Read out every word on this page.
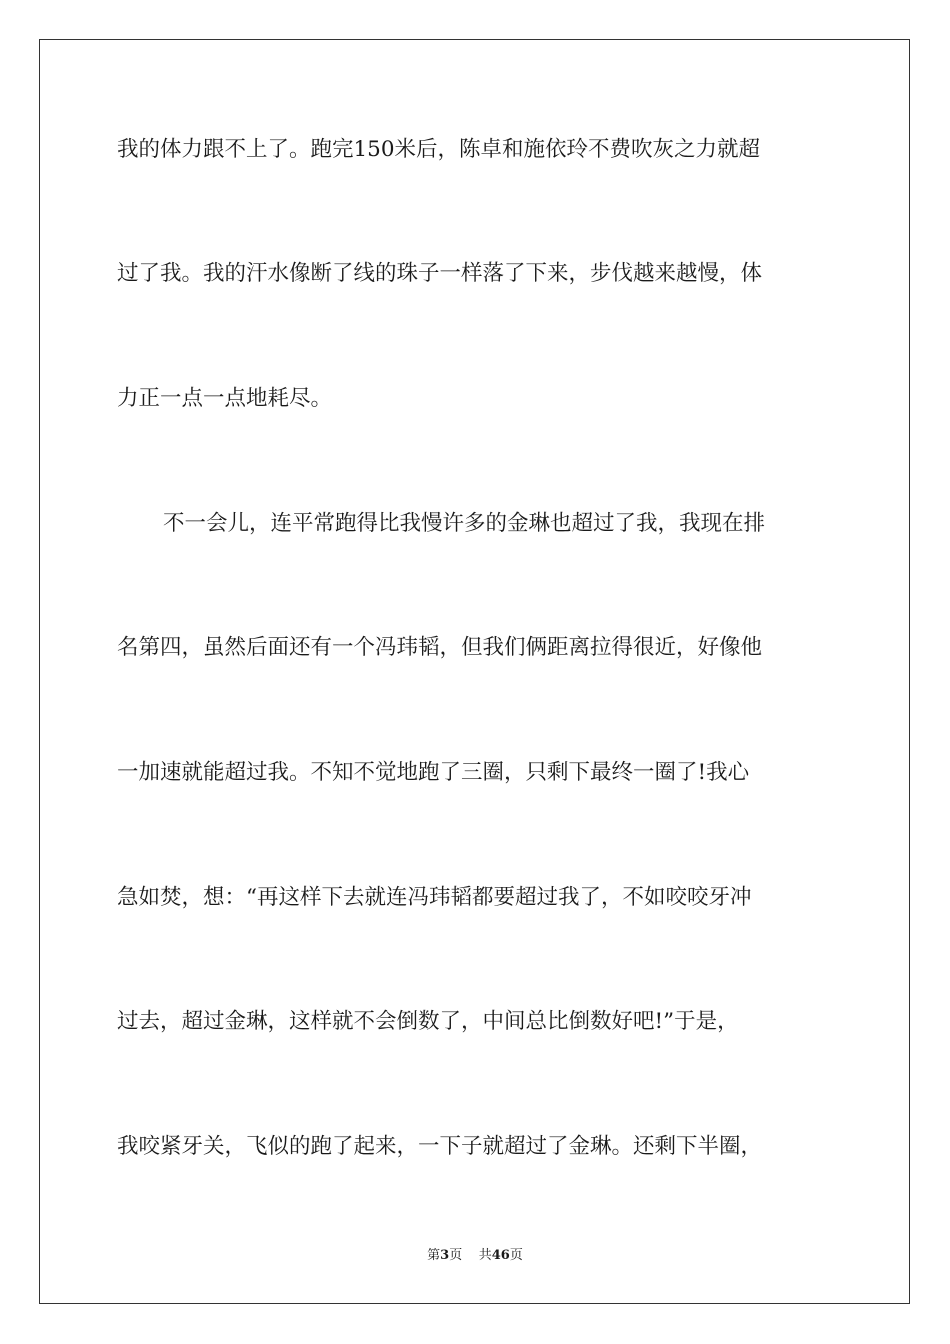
我的体力跟不上了。跑完150米后，陈卓和施依玲不费吹灰之力就超
过了我。我的汗水像断了线的珠子一样落了下来，步伐越来越慢，体
力正一点一点地耗尽。
不一会儿，连平常跑得比我慢许多的金琳也超过了我，我现在排
名第四，虽然后面还有一个冯玮韬，但我们俩距离拉得很近，好像他
一加速就能超过我。不知不觉地跑了三圈，只剩下最终一圈了!我心
急如焚，想：“再这样下去就连冯玮韬都要超过我了，不如咬咬牙冲
过去，超过金琳，这样就不会倒数了，中间总比倒数好吧!”于是，
我咬紧牙关，飞似的跑了起来，一下子就超过了金琳。还剩下半圈，
第3页 共46页
